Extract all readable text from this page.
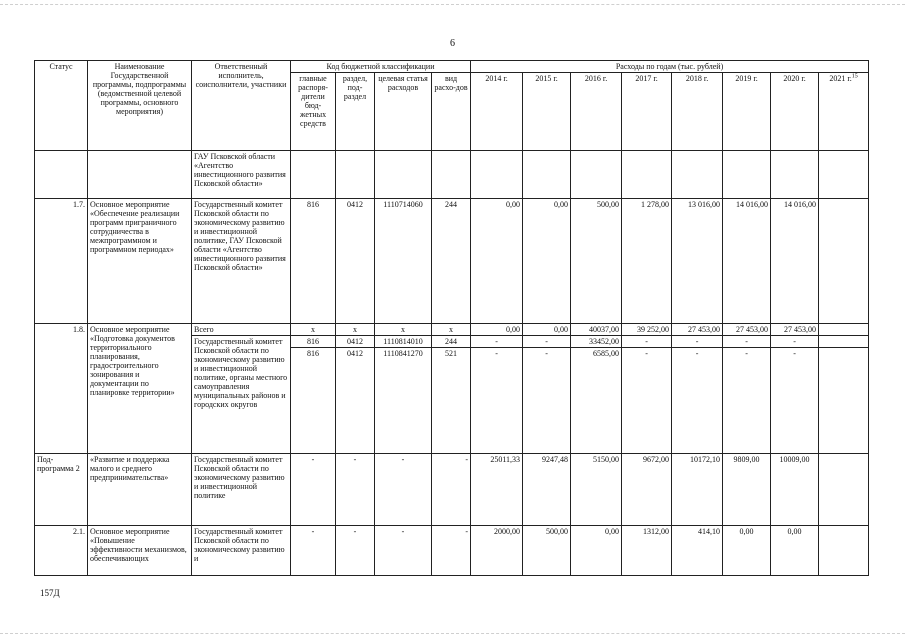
6
Статус	Наименование Государственной программы, подпрограммы (ведомственной целевой программы, основного мероприятия)	Ответственный исполнитель, соисполнители, участники	Код бюджетной классификации				Расходы по годам (тыс. рублей)							
			главные распоря-дители бюд-жетных средств	раздел, под-раздел	целевая статья расходов	вид расхо-дов	2014 г.	2015 г.	2016 г.	2017 г.	2018 г.	2019 г.	2020 г.	2021 г.$^{15}$
		ГАУ Псковской области «Агентство инвестиционного развития Псковской области»												
1.7.	Основное мероприятие «Обеспечение реализации программ приграничного сотрудничества в межпрограммном и программном периодах»	Государственный комитет Псковской области по экономическому развитию и инвестиционной политике, ГАУ Псковской области «Агентство инвестиционного развития Псковской области»	816	0412	1110714060	244	0,00	0,00	500,00	1 278,00	13 016,00	14 016,00	14 016,00	
1.8.	Основное мероприятие «Подготовка документов территориального планирования, градостроительного зонирования и документации по планировке территории»	Всего	x	x	x	x	0,00	0,00	40037,00	39 252,00	27 453,00	27 453,00	27 453,00	
		Государственный комитет Псковской области по экономическому развитию и инвестиционной политике, органы местного самоуправления муниципальных районов и городских округов	816	0412	1110814010	244	-	-	33452,00	-	-	-	-	
			816	0412	1110841270	521	-	-	6585,00	-	-	-	-	
Под-программа 2	«Развитие и поддержка малого и среднего предпринимательства»	Государственный комитет Псковской области по экономическому развитию и инвестиционной политике	-	-	-	-	25011,33	9247,48	5150,00	9672,00	10172,10	9809,00	10009,00	
2.1.	Основное мероприятие «Повышение эффективности механизмов, обеспечивающих	Государственный комитет Псковской области по экономическому развитию и	-	-	-	-	2000,00	500,00	0,00	1312,00	414,10	0,00	0,00	
157Д
